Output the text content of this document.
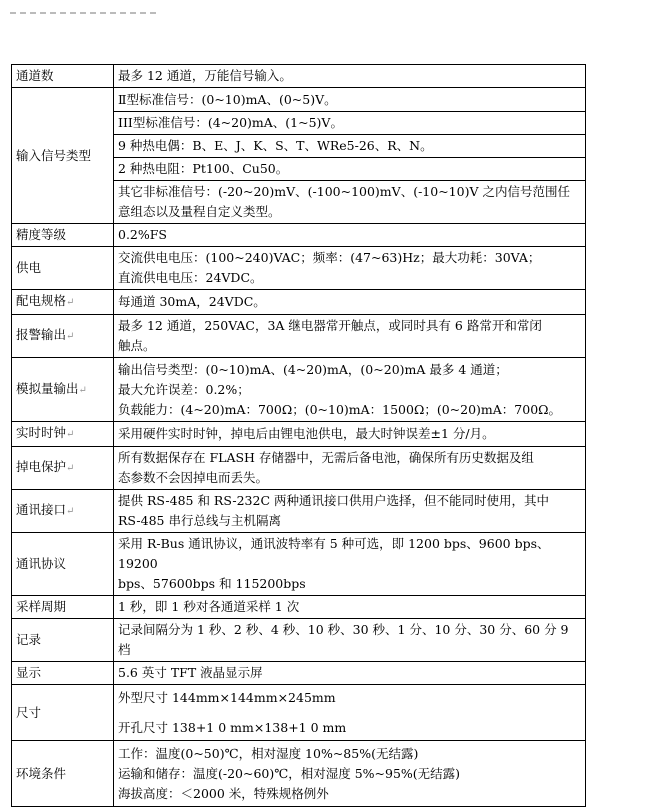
通道数	最多 12 通道，万能信号输入。

输入信号类型	Ⅱ型标准信号：(0~10)mA、(0~5)V。

	III型标准信号：(4~20)mA、(1~5)V。

	9 种热电偶：B、E、J、K、S、T、WRe5-26、R、N。

	2 种热电阻：Pt100、Cu50。

	其它非标准信号：(-20~20)mV、(-100~100)mV、(-10~10)V 之内信号范围任
意组态以及量程自定义类型。

精度等级	0.2%FS

供电	交流供电电压：(100~240)VAC；频率：(47~63)Hz；最大功耗：30VA；
直流供电电压：24VDC。

配电规格↵	每通道 30mA，24VDC。

报警输出↵	最多 12 通道，250VAC，3A 继电器常开触点，或同时具有 6 路常开和常闭
触点。

模拟量输出↵	输出信号类型：(0~10)mA、(4~20)mA，(0~20)mA 最多 4 通道；
最大允许误差：0.2%；
负载能力：(4~20)mA：700Ω；(0~10)mA：1500Ω；(0~20)mA：700Ω。

实时时钟↵	采用硬件实时时钟，掉电后由锂电池供电，最大时钟误差±1 分/月。

掉电保护↵	所有数据保存在 FLASH 存储器中，无需后备电池，确保所有历史数据及组
态参数不会因掉电而丢失。

通讯接口↵	提供 RS-485 和 RS-232C 两种通讯接口供用户选择，但不能同时使用，其中
RS-485 串行总线与主机隔离

通讯协议	采用 R-Bus 通讯协议，通讯波特率有 5 种可选，即 1200 bps、9600 bps、19200
bps、57600bps 和 115200bps

采样周期	1 秒，即 1 秒对各通道采样 1 次

记录	记录间隔分为 1 秒、2 秒、4 秒、10 秒、30 秒、1 分、10 分、30 分、60 分 9
档

显示	5.6 英寸 TFT 液晶显示屏

尺寸	外型尺寸 144mm×144mm×245mm
开孔尺寸 138+1 0 mm×138+1 0 mm

环境条件	工作：温度(0~50)℃，相对湿度 10%~85%(无结露)
运输和储存：温度(-20~60)℃，相对湿度 5%~95%(无结露)
海拔高度：＜2000 米，特殊规格例外
